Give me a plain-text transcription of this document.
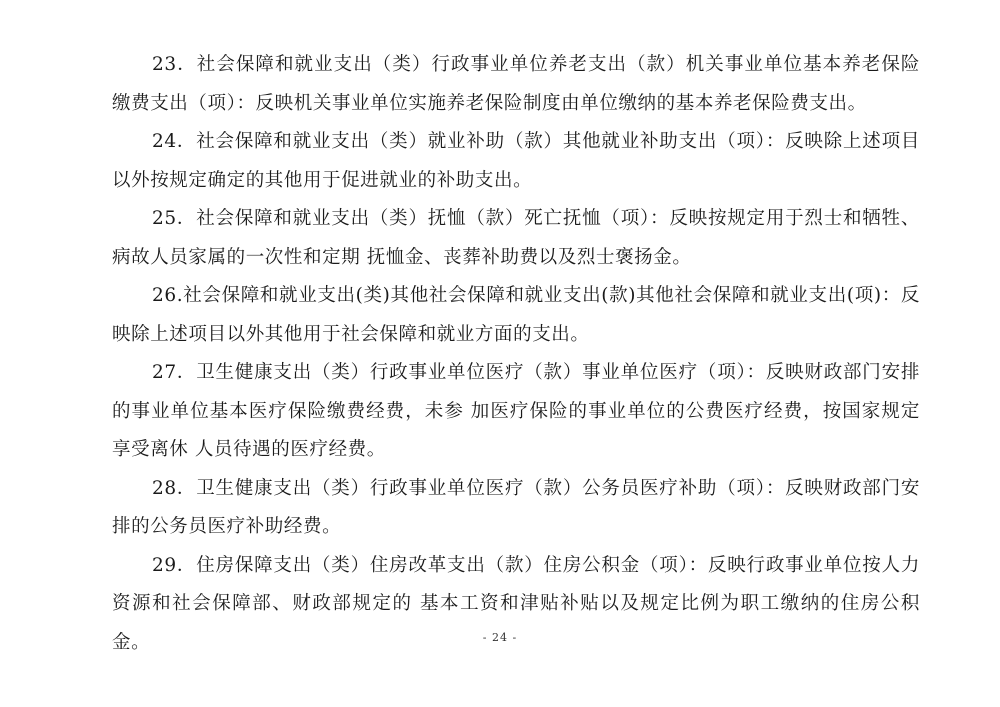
23．社会保障和就业支出（类）行政事业单位养老支出（款）机关事业单位基本养老保险缴费支出（项）：反映机关事业单位实施养老保险制度由单位缴纳的基本养老保险费支出。

24．社会保障和就业支出（类）就业补助（款）其他就业补助支出（项）：反映除上述项目以外按规定确定的其他用于促进就业的补助支出。

25．社会保障和就业支出（类）抚恤（款）死亡抚恤（项）：反映按规定用于烈士和牺牲、病故人员家属的一次性和定期 抚恤金、丧葬补助费以及烈士褒扬金。

26.社会保障和就业支出(类)其他社会保障和就业支出(款)其他社会保障和就业支出(项)：反映除上述项目以外其他用于社会保障和就业方面的支出。

27．卫生健康支出（类）行政事业单位医疗（款）事业单位医疗（项）：反映财政部门安排的事业单位基本医疗保险缴费经费，未参 加医疗保险的事业单位的公费医疗经费，按国家规定享受离休 人员待遇的医疗经费。

28．卫生健康支出（类）行政事业单位医疗（款）公务员医疗补助（项）：反映财政部门安排的公务员医疗补助经费。

29．住房保障支出（类）住房改革支出（款）住房公积金（项）：反映行政事业单位按人力资源和社会保障部、财政部规定的 基本工资和津贴补贴以及规定比例为职工缴纳的住房公积金。	- 24 -
